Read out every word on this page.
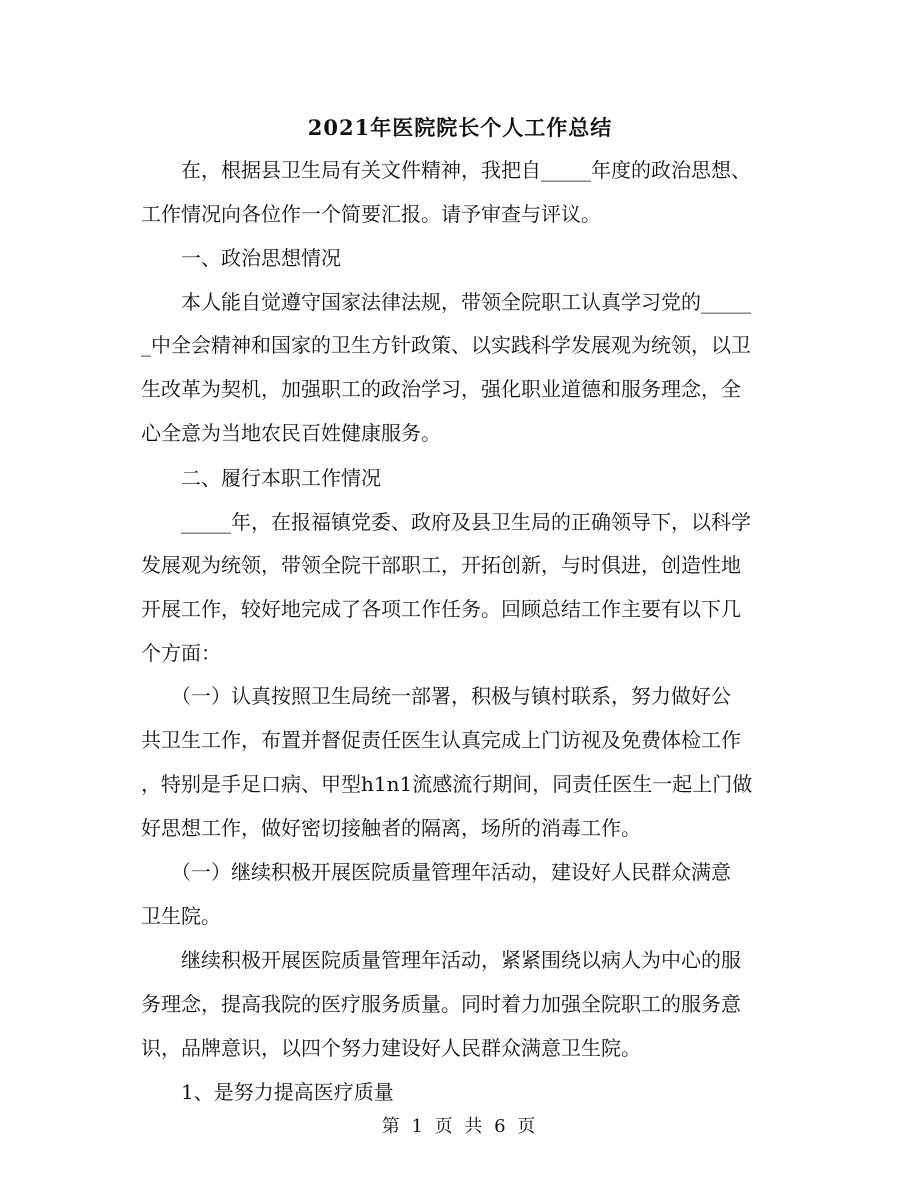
2021年医院院长个人工作总结
　　在，根据县卫生局有关文件精神，我把自_____年度的政治思想、
工作情况向各位作一个简要汇报。请予审查与评议。
　　一、政治思想情况
　　本人能自觉遵守国家法律法规，带领全院职工认真学习党的_____
_中全会精神和国家的卫生方针政策、以实践科学发展观为统领，以卫
生改革为契机，加强职工的政治学习，强化职业道德和服务理念，全
心全意为当地农民百姓健康服务。
　　二、履行本职工作情况
　　_____年，在报福镇党委、政府及县卫生局的正确领导下，以科学
发展观为统领，带领全院干部职工，开拓创新，与时俱进，创造性地
开展工作，较好地完成了各项工作任务。回顾总结工作主要有以下几
个方面：
　　（一）认真按照卫生局统一部署，积极与镇村联系，努力做好公
共卫生工作，布置并督促责任医生认真完成上门访视及免费体检工作
，特别是手足口病、甲型h1n1流感流行期间，同责任医生一起上门做
好思想工作，做好密切接触者的隔离，场所的消毒工作。
　　（一）继续积极开展医院质量管理年活动，建设好人民群众满意
卫生院。
　　继续积极开展医院质量管理年活动，紧紧围绕以病人为中心的服
务理念，提高我院的医疗服务质量。同时着力加强全院职工的服务意
识，品牌意识，以四个努力建设好人民群众满意卫生院。
　　1、是努力提高医疗质量
第 1 页 共 6 页
